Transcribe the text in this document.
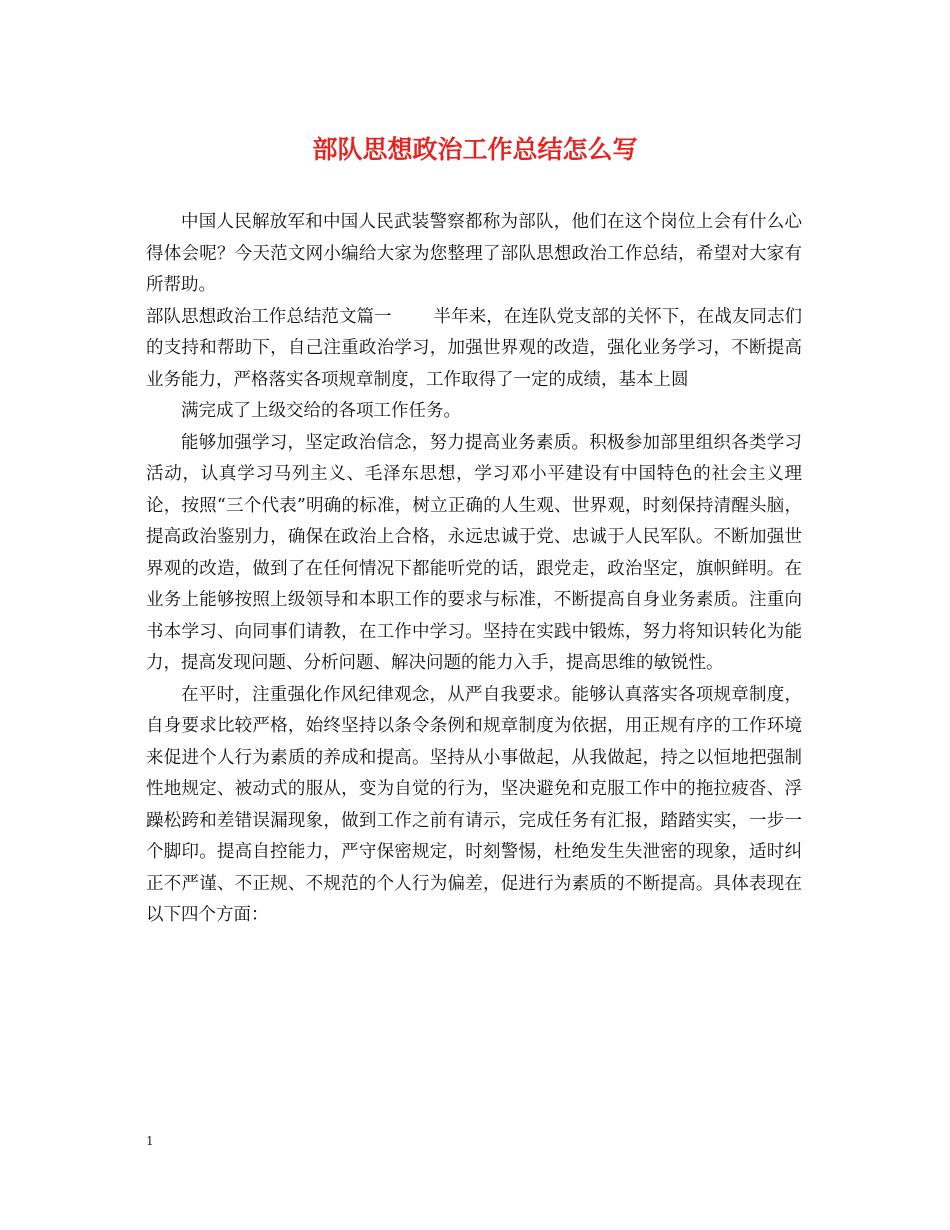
部队思想政治工作总结怎么写

中国人民解放军和中国人民武装警察都称为部队，他们在这个岗位上会有什么心得体会呢？今天范文网小编给大家为您整理了部队思想政治工作总结，希望对大家有所帮助。

部队思想政治工作总结范文篇一 半年来，在连队党支部的关怀下，在战友同志们的支持和帮助下，自己注重政治学习，加强世界观的改造，强化业务学习，不断提高业务能力，严格落实各项规章制度，工作取得了一定的成绩，基本上圆

满完成了上级交给的各项工作任务。

能够加强学习，坚定政治信念，努力提高业务素质。积极参加部里组织各类学习活动，认真学习马列主义、毛泽东思想，学习邓小平建设有中国特色的社会主义理论，按照“三个代表”明确的标准，树立正确的人生观、世界观，时刻保持清醒头脑，提高政治鉴别力，确保在政治上合格，永远忠诚于党、忠诚于人民军队。不断加强世界观的改造，做到了在任何情况下都能听党的话，跟党走，政治坚定，旗帜鲜明。在业务上能够按照上级领导和本职工作的要求与标准，不断提高自身业务素质。注重向书本学习、向同事们请教，在工作中学习。坚持在实践中锻炼，努力将知识转化为能力，提高发现问题、分析问题、解决问题的能力入手，提高思维的敏锐性。

在平时，注重强化作风纪律观念，从严自我要求。能够认真落实各项规章制度，自身要求比较严格，始终坚持以条令条例和规章制度为依据，用正规有序的工作环境来促进个人行为素质的养成和提高。坚持从小事做起，从我做起，持之以恒地把强制性地规定、被动式的服从，变为自觉的行为，坚决避免和克服工作中的拖拉疲沓、浮躁松跨和差错误漏现象，做到工作之前有请示，完成任务有汇报，踏踏实实，一步一个脚印。提高自控能力，严守保密规定，时刻警惕，杜绝发生失泄密的现象，适时纠正不严谨、不正规、不规范的个人行为偏差，促进行为素质的不断提高。具体表现在以下四个方面：

1
